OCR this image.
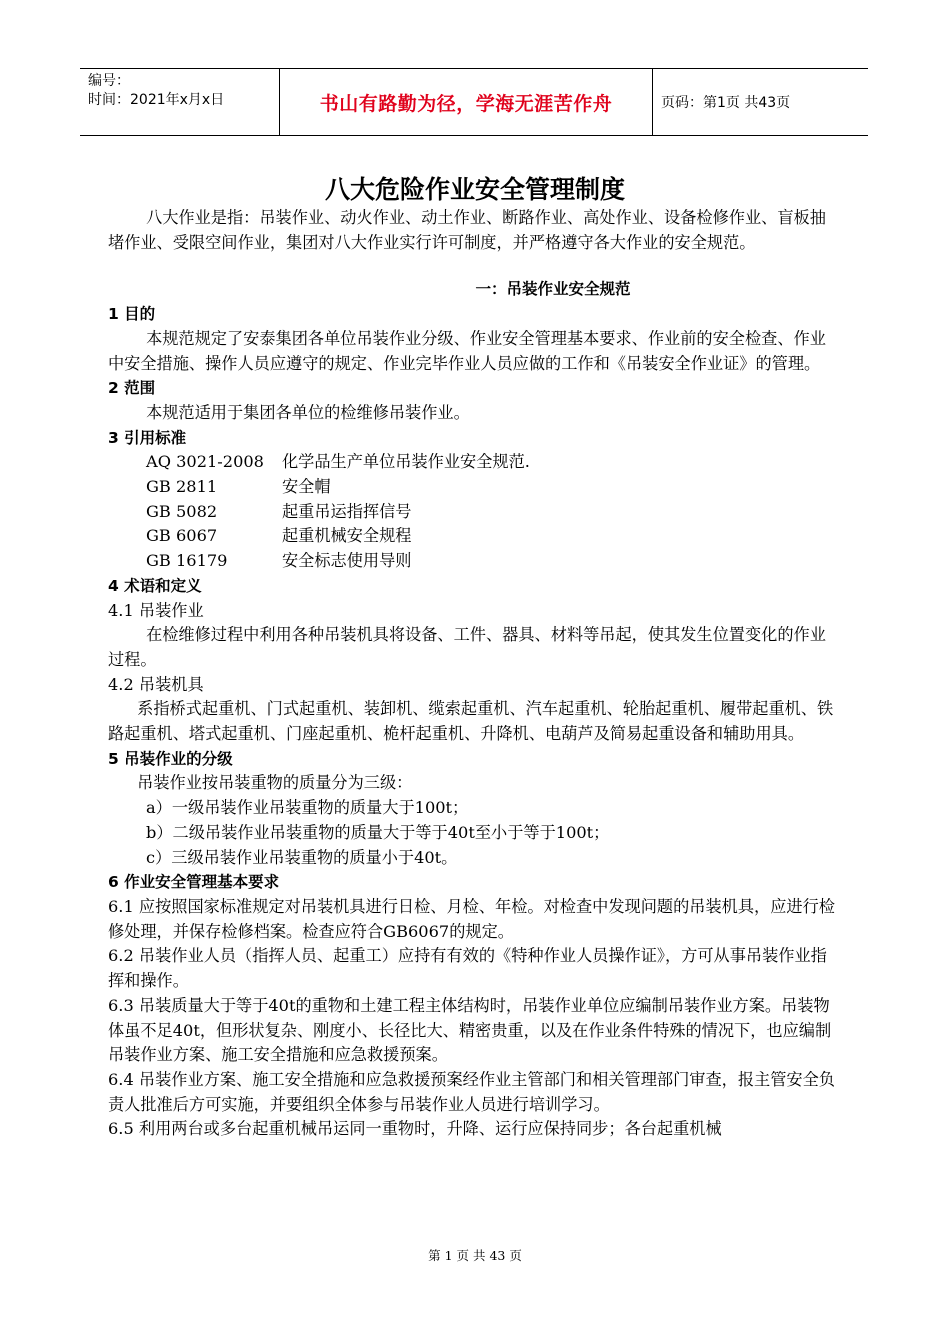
编号：
时间：2021年x月x日	书山有路勤为径，学海无涯苦作舟	页码：第1页 共43页
八大危险作业安全管理制度

八大作业是指：吊装作业、动火作业、动土作业、断路作业、高处作业、设备检修作业、盲板抽堵作业、受限空间作业，集团对八大作业实行许可制度，并严格遵守各大作业的安全规范。

一：吊装作业安全规范

1 目的

本规范规定了安泰集团各单位吊装作业分级、作业安全管理基本要求、作业前的安全检查、作业中安全措施、操作人员应遵守的规定、作业完毕作业人员应做的工作和《吊装安全作业证》的管理。

2 范围

本规范适用于集团各单位的检维修吊装作业。

3 引用标准

AQ 3021-2008	化学品生产单位吊装作业安全规范.
GB 2811	安全帽
GB 5082	起重吊运指挥信号
GB 6067	起重机械安全规程
GB 16179	安全标志使用导则

4 术语和定义

4.1 吊装作业

在检维修过程中利用各种吊装机具将设备、工件、器具、材料等吊起，使其发生位置变化的作业过程。

4.2 吊装机具

系指桥式起重机、门式起重机、装卸机、缆索起重机、汽车起重机、轮胎起重机、履带起重机、铁路起重机、塔式起重机、门座起重机、桅杆起重机、升降机、电葫芦及简易起重设备和辅助用具。

5 吊装作业的分级

吊装作业按吊装重物的质量分为三级：

a）一级吊装作业吊装重物的质量大于100t；

b）二级吊装作业吊装重物的质量大于等于40t至小于等于100t；

c）三级吊装作业吊装重物的质量小于40t。

6 作业安全管理基本要求

6.1 应按照国家标准规定对吊装机具进行日检、月检、年检。对检查中发现问题的吊装机具，应进行检修处理，并保存检修档案。检查应符合GB6067的规定。

6.2 吊装作业人员（指挥人员、起重工）应持有有效的《特种作业人员操作证》，方可从事吊装作业指挥和操作。

6.3 吊装质量大于等于40t的重物和土建工程主体结构时，吊装作业单位应编制吊装作业方案。吊装物体虽不足40t，但形状复杂、刚度小、长径比大、精密贵重，以及在作业条件特殊的情况下，也应编制吊装作业方案、施工安全措施和应急救援预案。

6.4 吊装作业方案、施工安全措施和应急救援预案经作业主管部门和相关管理部门审查，报主管安全负责人批准后方可实施，并要组织全体参与吊装作业人员进行培训学习。

6.5 利用两台或多台起重机械吊运同一重物时，升降、运行应保持同步；各台起重机械

第 1 页 共 43 页
